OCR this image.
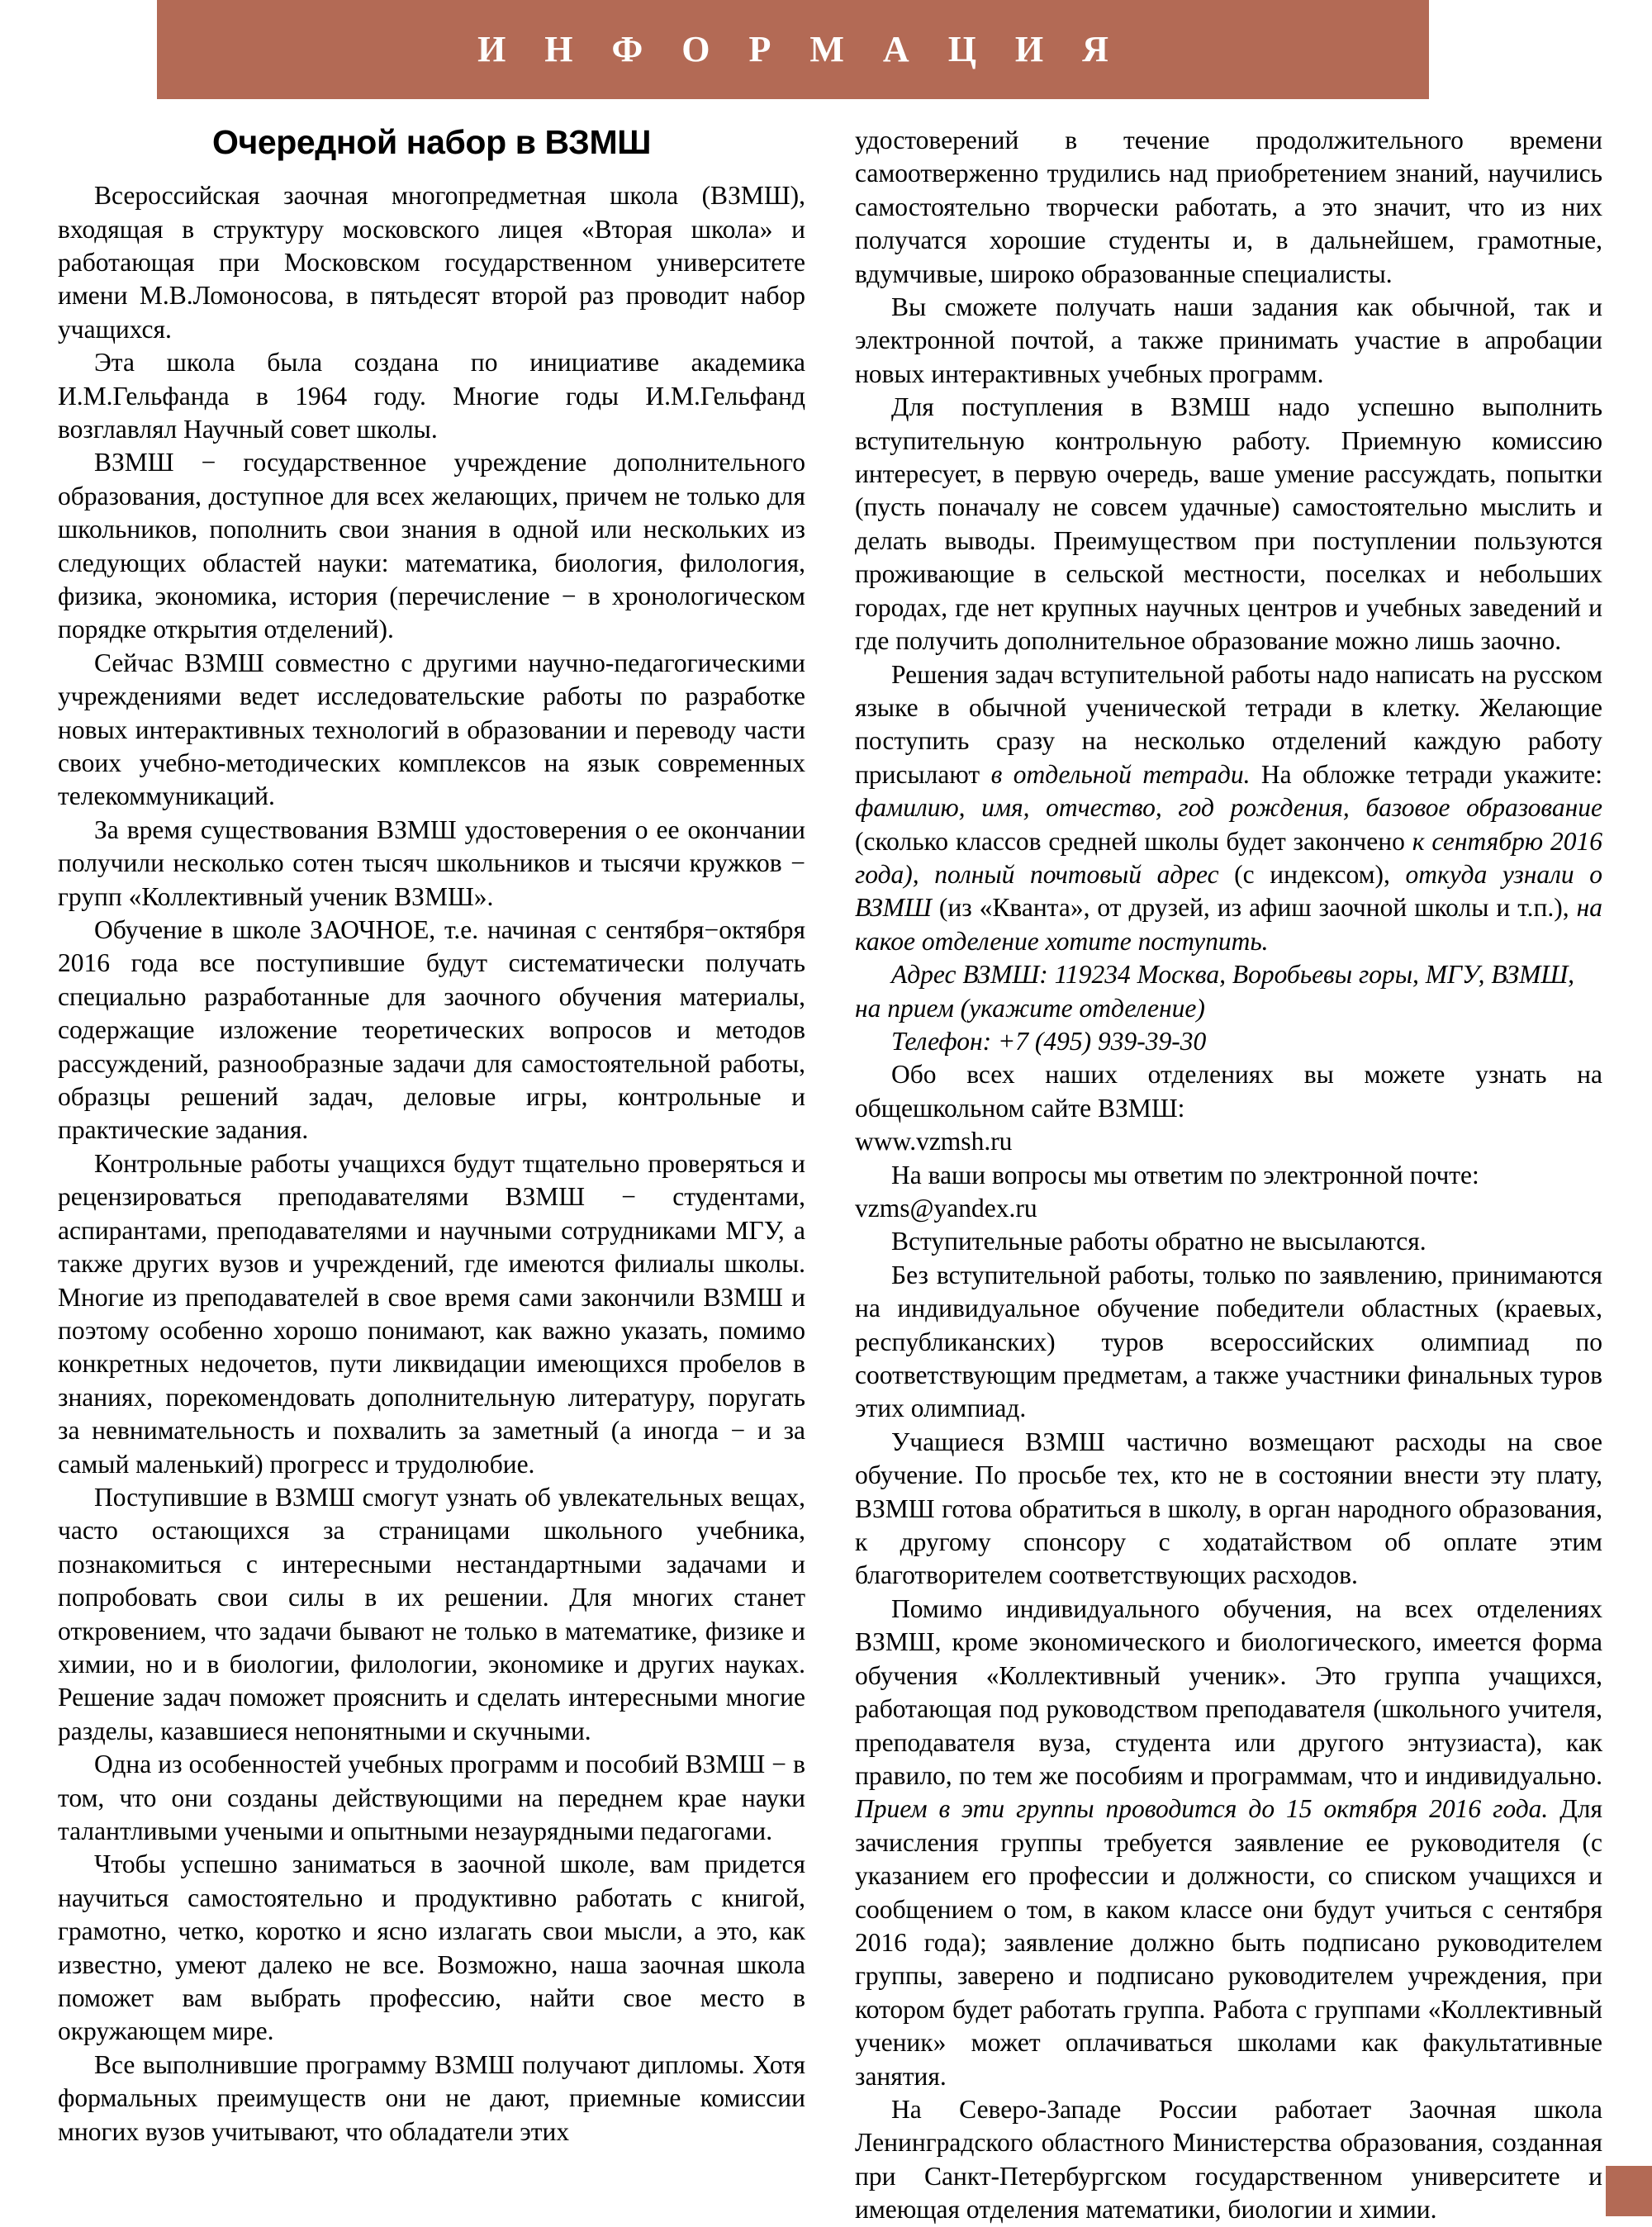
И Н Ф О Р М А Ц И Я
Очередной набор в ВЗМШ

Всероссийская заочная многопредметная школа (ВЗМШ), входящая в структуру московского лицея «Вторая школа» и работающая при Московском государственном университете имени М.В.Ломоносова, в пятьдесят второй раз проводит набор учащихся.

Эта школа была создана по инициативе академика И.М.Гельфанда в 1964 году. Многие годы И.М.Гельфанд возглавлял Научный совет школы.

ВЗМШ − государственное учреждение дополнительного образования, доступное для всех желающих, причем не только для школьников, пополнить свои знания в одной или нескольких из следующих областей науки: математика, биология, филология, физика, экономика, история (перечисление − в хронологическом порядке открытия отделений).

Сейчас ВЗМШ совместно с другими научно-педагогическими учреждениями ведет исследовательские работы по разработке новых интерактивных технологий в образовании и переводу части своих учебно-методических комплексов на язык современных телекоммуникаций.

За время существования ВЗМШ удостоверения о ее окончании получили несколько сотен тысяч школьников и тысячи кружков − групп «Коллективный ученик ВЗМШ».

Обучение в школе ЗАОЧНОЕ, т.е. начиная с сентября−октября 2016 года все поступившие будут систематически получать специально разработанные для заочного обучения материалы, содержащие изложение теоретических вопросов и методов рассуждений, разнообразные задачи для самостоятельной работы, образцы решений задач, деловые игры, контрольные и практические задания.

Контрольные работы учащихся будут тщательно проверяться и рецензироваться преподавателями ВЗМШ − студентами, аспирантами, преподавателями и научными сотрудниками МГУ, а также других вузов и учреждений, где имеются филиалы школы. Многие из преподавателей в свое время сами закончили ВЗМШ и поэтому особенно хорошо понимают, как важно указать, помимо конкретных недочетов, пути ликвидации имеющихся пробелов в знаниях, порекомендовать дополнительную литературу, поругать за невнимательность и похвалить за заметный (а иногда − и за самый маленький) прогресс и трудолюбие.

Поступившие в ВЗМШ смогут узнать об увлекательных вещах, часто остающихся за страницами школьного учебника, познакомиться с интересными нестандартными задачами и попробовать свои силы в их решении. Для многих станет откровением, что задачи бывают не только в математике, физике и химии, но и в биологии, филологии, экономике и других науках. Решение задач поможет прояснить и сделать интересными многие разделы, казавшиеся непонятными и скучными.

Одна из особенностей учебных программ и пособий ВЗМШ − в том, что они созданы действующими на переднем крае науки талантливыми учеными и опытными незаурядными педагогами.

Чтобы успешно заниматься в заочной школе, вам придется научиться самостоятельно и продуктивно работать с книгой, грамотно, четко, коротко и ясно излагать свои мысли, а это, как известно, умеют далеко не все. Возможно, наша заочная школа поможет вам выбрать профессию, найти свое место в окружающем мире.

Все выполнившие программу ВЗМШ получают дипломы. Хотя формальных преимуществ они не дают, приемные комиссии многих вузов учитывают, что обладатели этих

удостоверений в течение продолжительного времени самоотверженно трудились над приобретением знаний, научились самостоятельно творчески работать, а это значит, что из них получатся хорошие студенты и, в дальнейшем, грамотные, вдумчивые, широко образованные специалисты.

Вы сможете получать наши задания как обычной, так и электронной почтой, а также принимать участие в апробации новых интерактивных учебных программ.

Для поступления в ВЗМШ надо успешно выполнить вступительную контрольную работу. Приемную комиссию интересует, в первую очередь, ваше умение рассуждать, попытки (пусть поначалу не совсем удачные) самостоятельно мыслить и делать выводы. Преимуществом при поступлении пользуются проживающие в сельской местности, поселках и небольших городах, где нет крупных научных центров и учебных заведений и где получить дополнительное образование можно лишь заочно.

Решения задач вступительной работы надо написать на русском языке в обычной ученической тетради в клетку. Желающие поступить сразу на несколько отделений каждую работу присылают в отдельной тетради. На обложке тетради укажите: фамилию, имя, отчество, год рождения, базовое образование (сколько классов средней школы будет закончено к сентябрю 2016 года), полный почтовый адрес (с индексом), откуда узнали о ВЗМШ (из «Кванта», от друзей, из афиш заочной школы и т.п.), на какое отделение хотите поступить.

Адрес ВЗМШ: 119234 Москва, Воробьевы горы, МГУ, ВЗМШ, на прием (укажите отделение)

Телефон: +7 (495) 939-39-30

Обо всех наших отделениях вы можете узнать на общешкольном сайте ВЗМШ:

www.vzmsh.ru

На ваши вопросы мы ответим по электронной почте:

vzms@yandex.ru

Вступительные работы обратно не высылаются.

Без вступительной работы, только по заявлению, принимаются на индивидуальное обучение победители областных (краевых, республиканских) туров всероссийских олимпиад по соответствующим предметам, а также участники финальных туров этих олимпиад.

Учащиеся ВЗМШ частично возмещают расходы на свое обучение. По просьбе тех, кто не в состоянии внести эту плату, ВЗМШ готова обратиться в школу, в орган народного образования, к другому спонсору с ходатайством об оплате этим благотворителем соответствующих расходов.

Помимо индивидуального обучения, на всех отделениях ВЗМШ, кроме экономического и биологического, имеется форма обучения «Коллективный ученик». Это группа учащихся, работающая под руководством преподавателя (школьного учителя, преподавателя вуза, студента или другого энтузиаста), как правило, по тем же пособиям и программам, что и индивидуально. Прием в эти группы проводится до 15 октября 2016 года. Для зачисления группы требуется заявление ее руководителя (с указанием его профессии и должности, со списком учащихся и сообщением о том, в каком классе они будут учиться с сентября 2016 года); заявление должно быть подписано руководителем группы, заверено и подписано руководителем учреждения, при котором будет работать группа. Работа с группами «Коллективный ученик» может оплачиваться школами как факультативные занятия.

На Северо-Западе России работает Заочная школа Ленинградского областного Министерства образования, созданная при Санкт-Петербургском государственном университете и имеющая отделения математики, биологии и химии.
